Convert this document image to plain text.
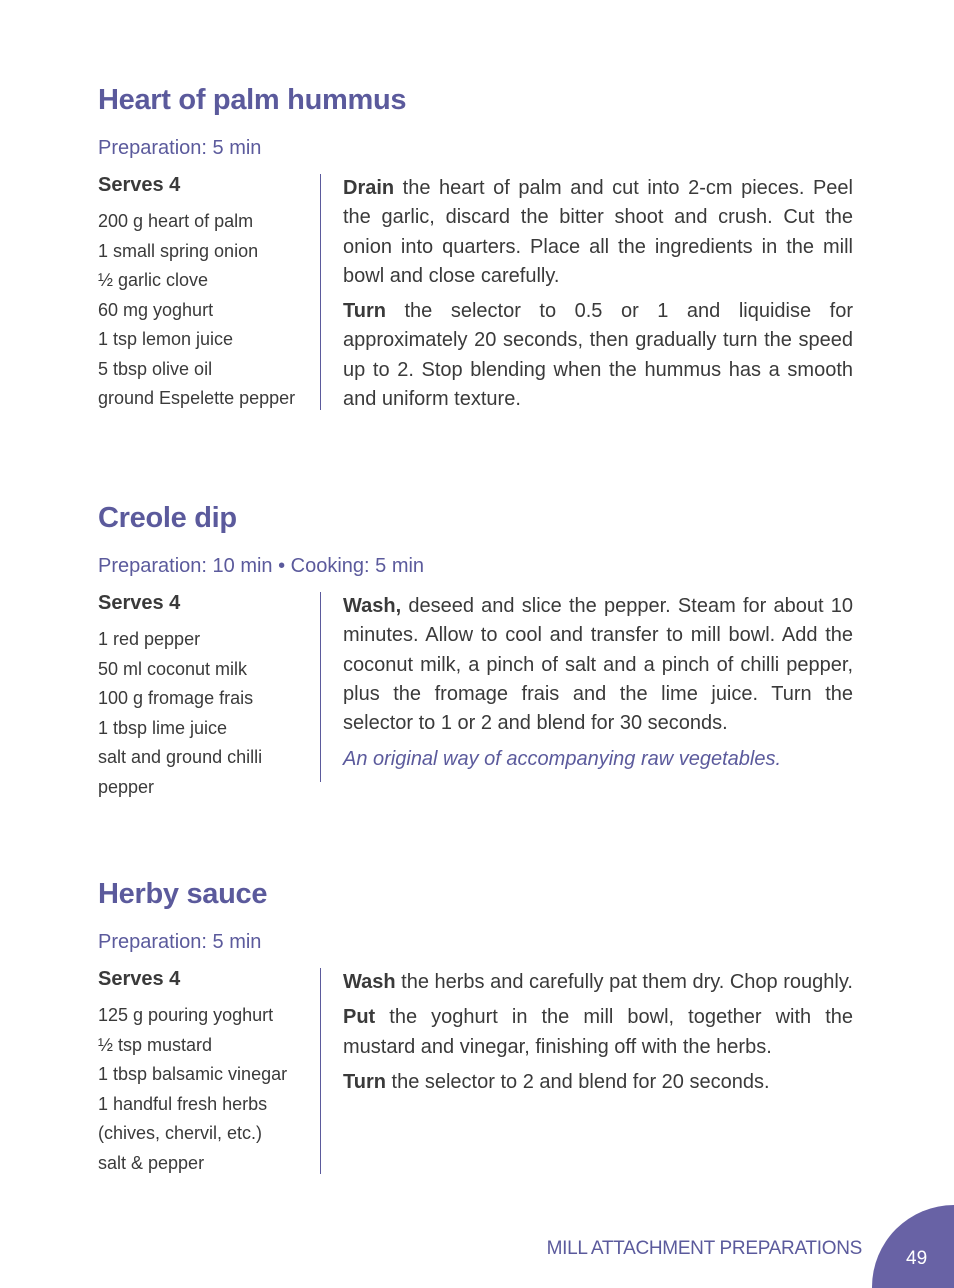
Heart of palm hummus
Preparation: 5 min
Serves 4
200 g heart of palm
1 small spring onion
½ garlic clove
60 mg yoghurt
1 tsp lemon juice
5 tbsp olive oil
ground Espelette pepper

Drain the heart of palm and cut into 2-cm pieces. Peel the garlic, discard the bitter shoot and crush. Cut the onion into quarters. Place all the ingredients in the mill bowl and close carefully.

Turn the selector to 0.5 or 1 and liquidise for approximately 20 seconds, then gradually turn the speed up to 2. Stop blending when the hummus has a smooth and uniform texture.

Creole dip
Preparation: 10 min • Cooking: 5 min
Serves 4
1 red pepper
50 ml coconut milk
100 g fromage frais
1 tbsp lime juice
salt and ground chilli
pepper

Wash, deseed and slice the pepper. Steam for about 10 minutes. Allow to cool and transfer to mill bowl. Add the coconut milk, a pinch of salt and a pinch of chilli pepper, plus the fromage frais and the lime juice. Turn the selector to 1 or 2 and blend for 30 seconds.

An original way of accompanying raw vegetables.
Herby sauce
Preparation: 5 min
Serves 4
125 g pouring yoghurt
½ tsp mustard
1 tbsp balsamic vinegar
1 handful fresh herbs
(chives, chervil, etc.)
salt & pepper

Wash the herbs and carefully pat them dry. Chop roughly.

Put the yoghurt in the mill bowl, together with the mustard and vinegar, finishing off with the herbs.

Turn the selector to 2 and blend for 20 seconds.

MILL ATTACHMENT PREPARATIONS 49
